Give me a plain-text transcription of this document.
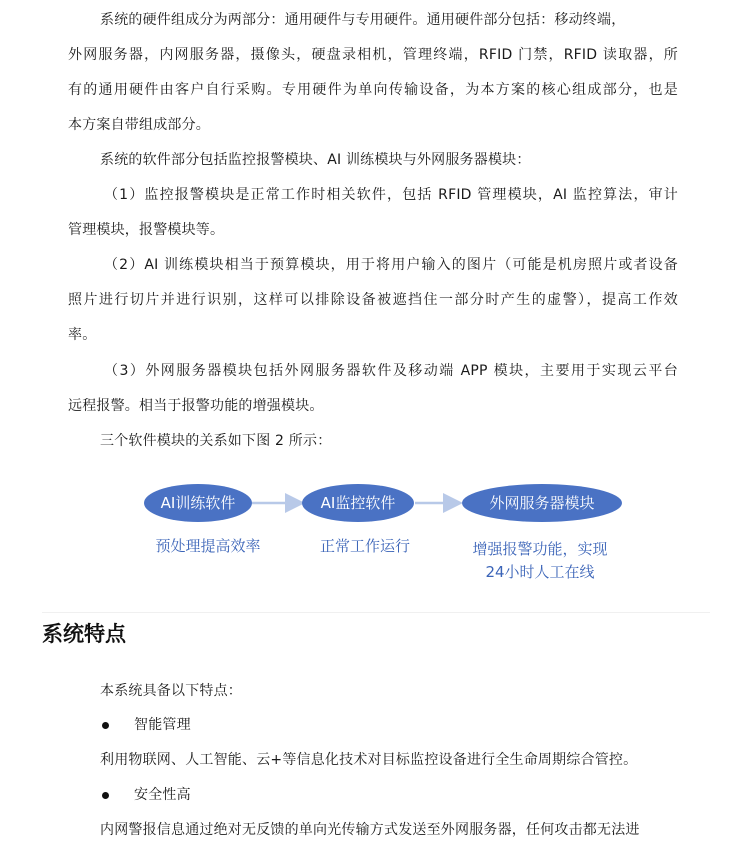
系统的硬件组成分为两部分：通用硬件与专用硬件。通用硬件部分包括：移动终端，

外网服务器，内网服务器，摄像头，硬盘录相机，管理终端，RFID 门禁，RFID 读取器，所

有的通用硬件由客户自行采购。专用硬件为单向传输设备，为本方案的核心组成部分，也是

本方案自带组成部分。

系统的软件部分包括监控报警模块、AI 训练模块与外网服务器模块：

（1）监控报警模块是正常工作时相关软件，包括 RFID 管理模块，AI 监控算法，审计

管理模块，报警模块等。

（2）AI 训练模块相当于预算模块，用于将用户输入的图片（可能是机房照片或者设备

照片进行切片并进行识别，这样可以排除设备被遮挡住一部分时产生的虚警），提高工作效

率。

（3）外网服务器模块包括外网服务器软件及移动端 APP 模块，主要用于实现云平台

远程报警。相当于报警功能的增强模块。

三个软件模块的关系如下图 2 所示：

AI训练软件	AI监控软件	外网服务器模块
预处理提高效率	正常工作运行	增强报警功能，实现
24小时人工在线
系统特点

本系统具备以下特点：

智能管理

利用物联网、人工智能、云+等信息化技术对目标监控设备进行全生命周期综合管控。

安全性高

内网警报信息通过绝对无反馈的单向光传输方式发送至外网服务器，任何攻击都无法进
